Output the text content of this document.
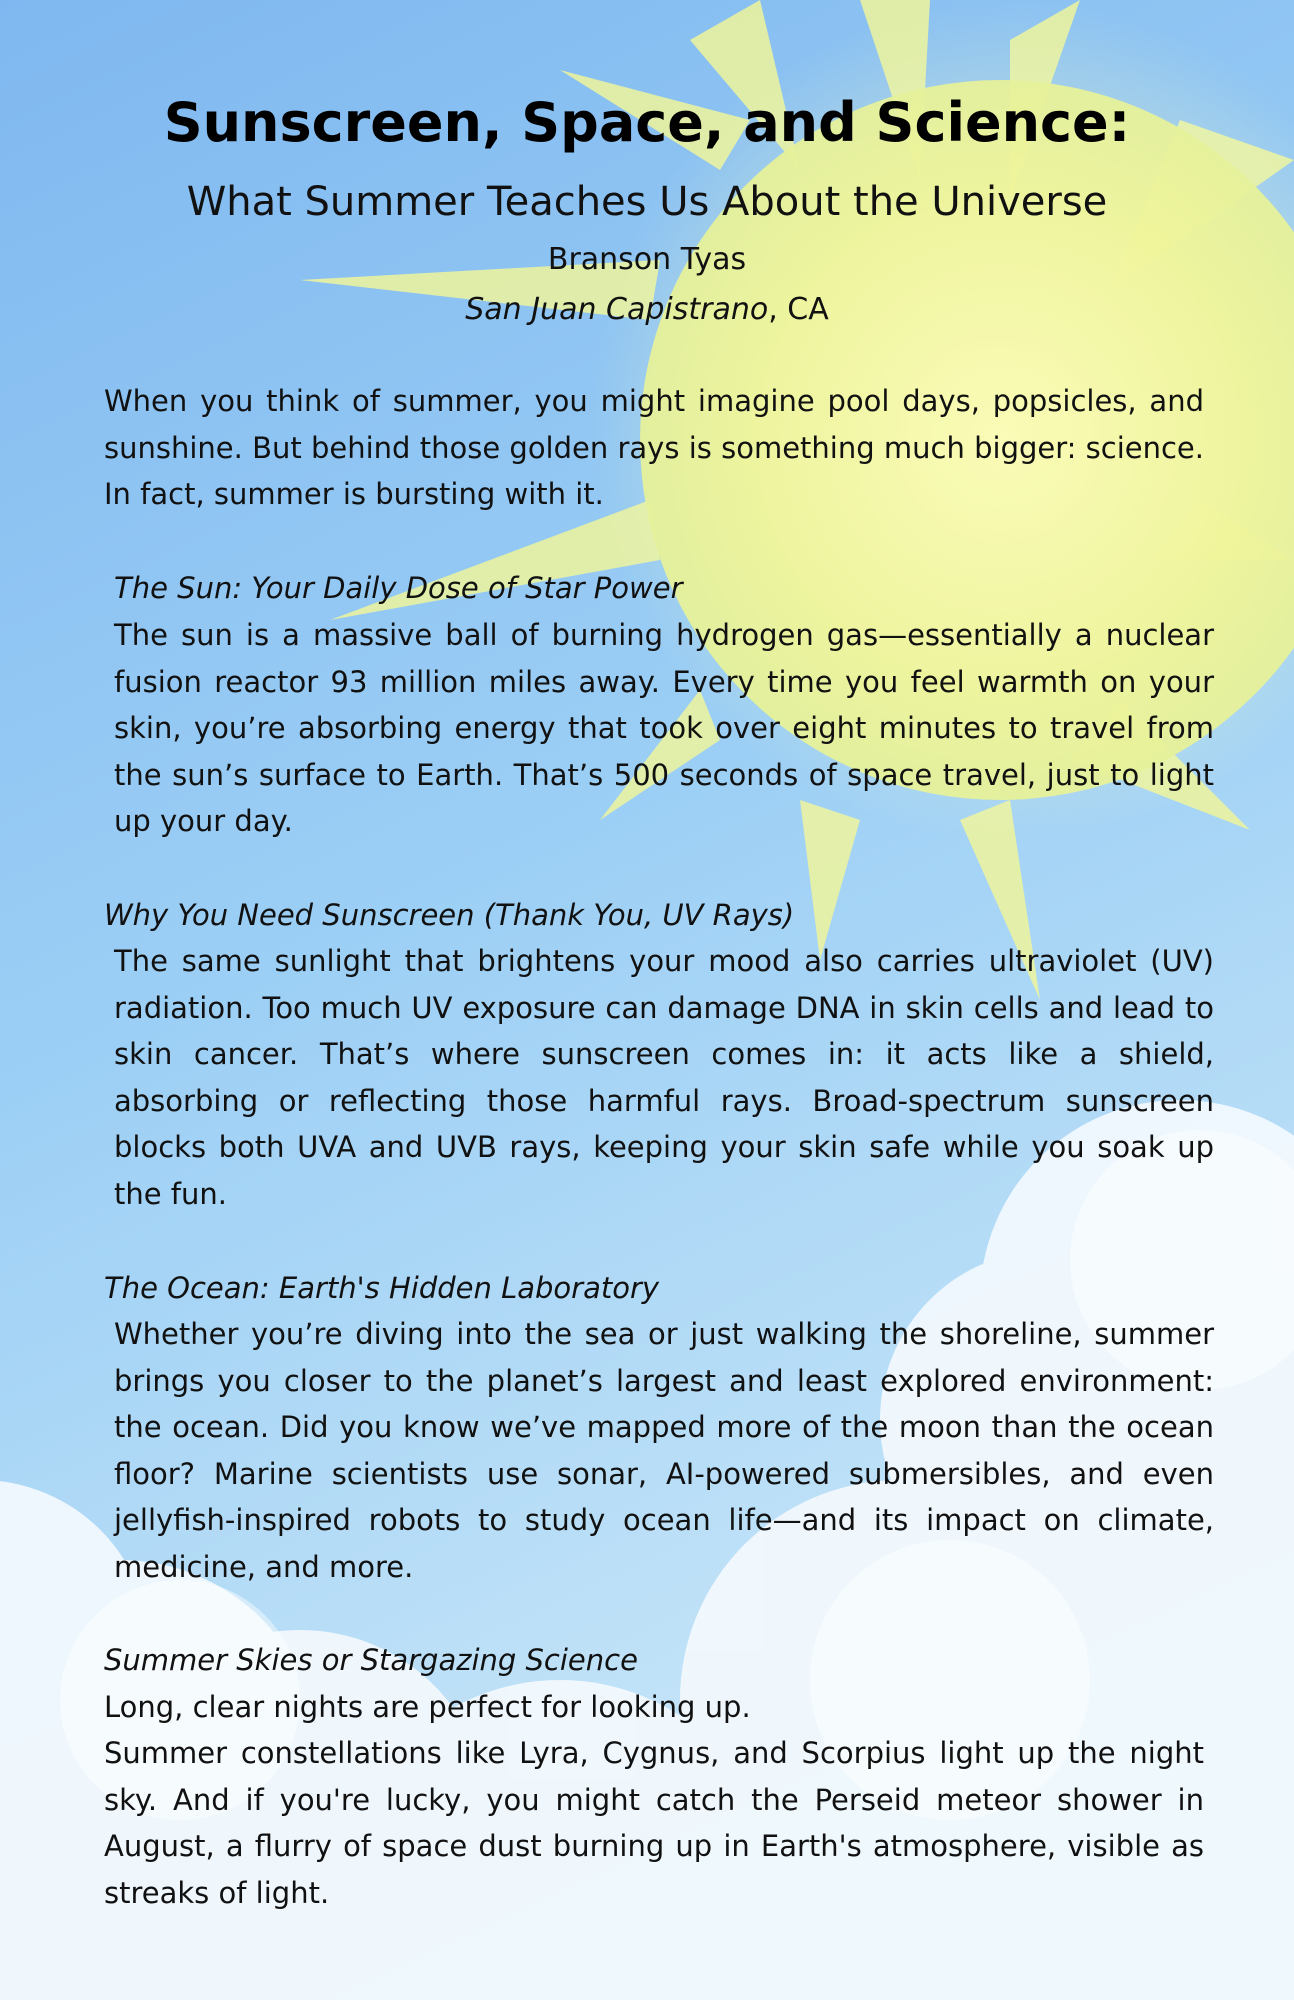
Sunscreen, Space, and Science:
What Summer Teaches Us About the Universe

Branson Tyas

San Juan Capistrano, CA

When you think of summer, you might imagine pool days, popsicles, and sunshine. But behind those golden rays is something much bigger: science. In fact, summer is bursting with it.

The Sun: Your Daily Dose of Star Power

The sun is a massive ball of burning hydrogen gas—essentially a nuclear fusion reactor 93 million miles away. Every time you feel warmth on your skin, you’re absorbing energy that took over eight minutes to travel from the sun’s surface to Earth. That’s 500 seconds of space travel, just to light up your day.

Why You Need Sunscreen (Thank You, UV Rays)

The same sunlight that brightens your mood also carries ultraviolet (UV) radiation. Too much UV exposure can damage DNA in skin cells and lead to skin cancer. That’s where sunscreen comes in: it acts like a shield, absorbing or reflecting those harmful rays. Broad-spectrum sunscreen blocks both UVA and UVB rays, keeping your skin safe while you soak up the fun.

The Ocean: Earth's Hidden Laboratory

Whether you’re diving into the sea or just walking the shoreline, summer brings you closer to the planet’s largest and least explored environment: the ocean. Did you know we’ve mapped more of the moon than the ocean floor? Marine scientists use sonar, AI-powered submersibles, and even jellyfish-inspired robots to study ocean life—and its impact on climate, medicine, and more.

Summer Skies or Stargazing Science

Long, clear nights are perfect for looking up.

Summer constellations like Lyra, Cygnus, and Scorpius light up the night sky. And if you're lucky, you might catch the Perseid meteor shower in August, a flurry of space dust burning up in Earth's atmosphere, visible as streaks of light.
